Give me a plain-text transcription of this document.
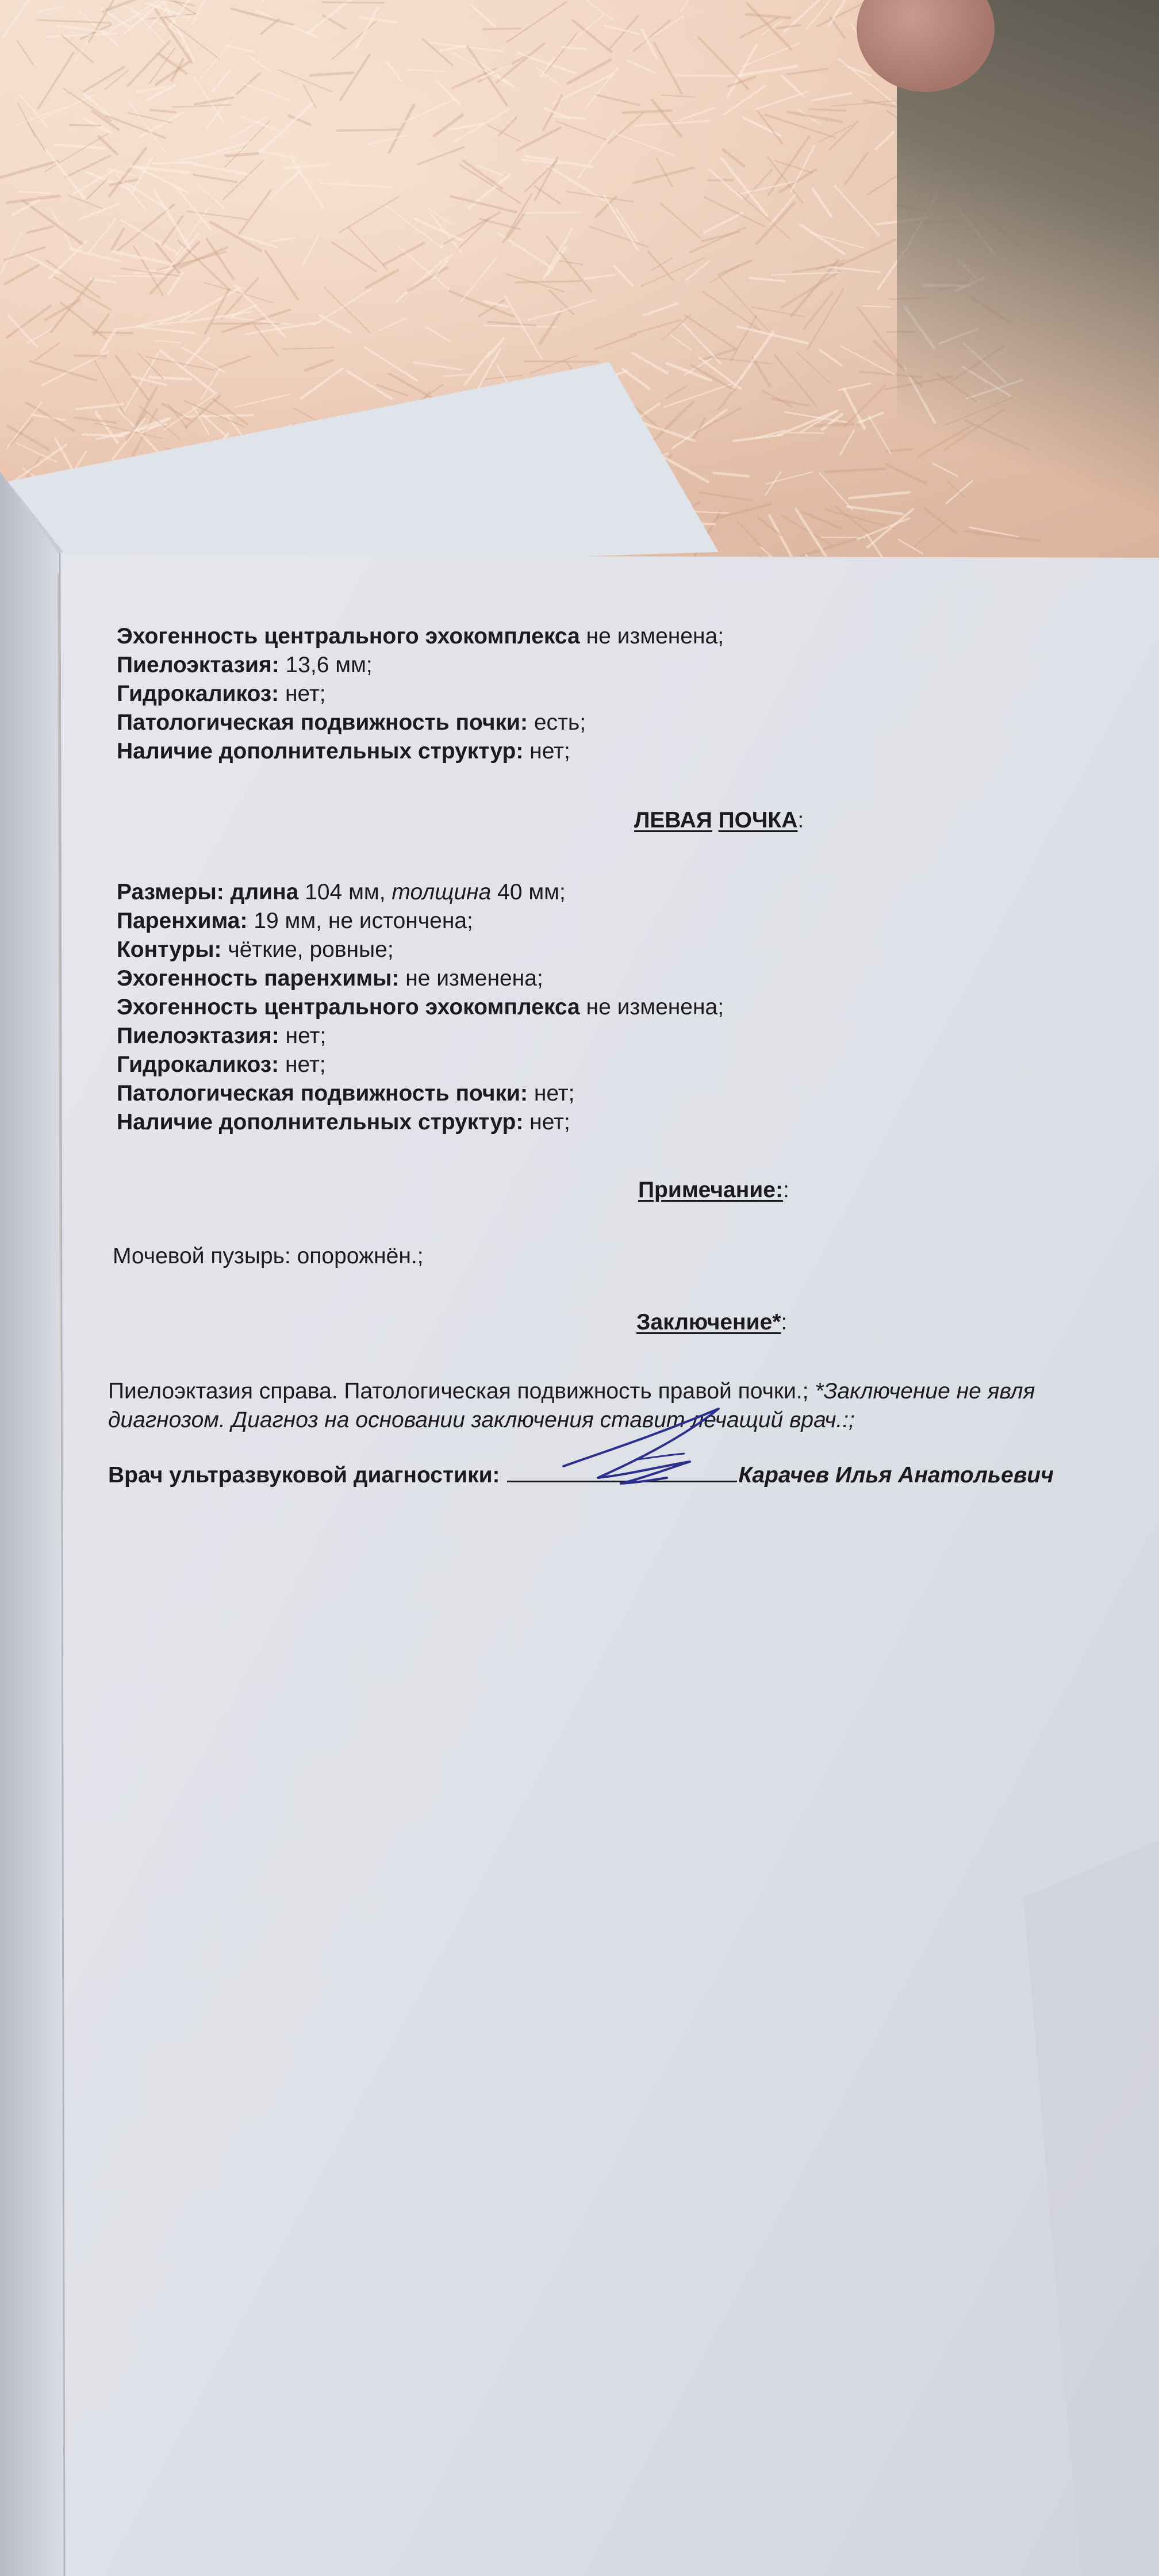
Эхогенность центрального эхокомплекса не изменена;
Пиелоэктазия: 13,6 мм;
Гидрокаликоз: нет;
Патологическая подвижность почки: есть;
Наличие дополнительных структур: нет;
ЛЕВАЯ ПОЧКА:
Размеры: длина 104 мм, толщина 40 мм;
Паренхима: 19 мм, не истончена;
Контуры: чёткие, ровные;
Эхогенность паренхимы: не изменена;
Эхогенность центрального эхокомплекса не изменена;
Пиелоэктазия: нет;
Гидрокаликоз: нет;
Патологическая подвижность почки: нет;
Наличие дополнительных структур: нет;
Примечание::
Мочевой пузырь: опорожнён.;
Заключение*:
Пиелоэктазия справа. Патологическая подвижность правой почки.; *Заключение не явля
диагнозом. Диагноз на основании заключения ставит лечащий врач.:;
Врач ультразвуковой диагностики:	Карачев Илья Анатольевич
